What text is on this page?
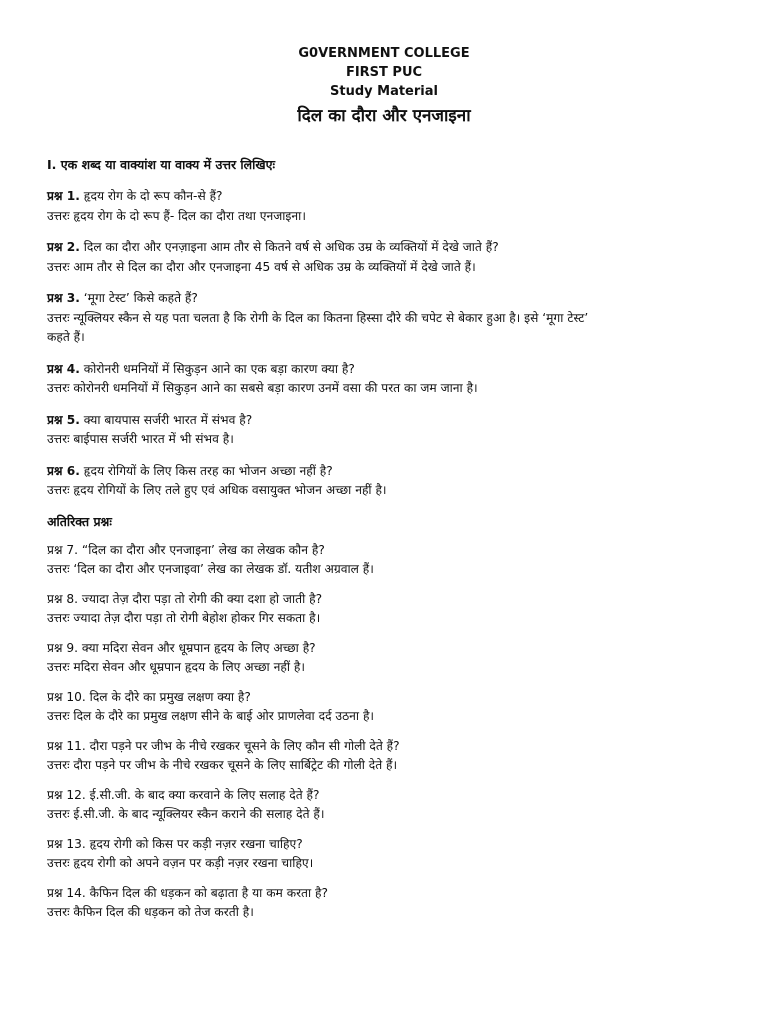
G0VERNMENT COLLEGE
FIRST PUC
Study Material
दिल का दौरा और एनजाइना
I. एक शब्द या वाक्यांश या वाक्य में उत्तर लिखिएः
प्रश्न 1. हृदय रोग के दो रूप कौन-से हैं?
उत्तरः हृदय रोग के दो रूप हैं- दिल का दौरा तथा एनजाइना।
प्रश्न 2. दिल का दौरा और एनज़ाइना आम तौर से कितने वर्ष से अधिक उम्र के व्यक्तियों में देखे जाते हैं?
उत्तरः आम तौर से दिल का दौरा और एनजाइना 45 वर्ष से अधिक उम्र के व्यक्तियों में देखे जाते हैं।
प्रश्न 3. ‘मूगा टेस्ट’ किसे कहते हैं?
उत्तरः न्यूक्लियर स्कैन से यह पता चलता है कि रोगी के दिल का कितना हिस्सा दौरे की चपेट से बेकार हुआ है। इसे ‘मूगा टेस्ट’
कहते हैं।
प्रश्न 4. कोरोनरी धमनियों में सिकुड़न आने का एक बड़ा कारण क्या है?
उत्तरः कोरोनरी धमनियों में सिकुड़न आने का सबसे बड़ा कारण उनमें वसा की परत का जम जाना है।
प्रश्न 5. क्या बायपास सर्जरी भारत में संभव है?
उत्तरः बाईपास सर्जरी भारत में भी संभव है।
प्रश्न 6. हृदय रोगियों के लिए किस तरह का भोजन अच्छा नहीं है?
उत्तरः हृदय रोगियों के लिए तले हुए एवं अधिक वसायुक्त भोजन अच्छा नहीं है।
अतिरिक्त प्रश्नः
प्रश्न 7. “दिल का दौरा और एनजाइना’ लेख का लेखक कौन है?
उत्तरः ‘दिल का दौरा और एनजाइवा’ लेख का लेखक डॉ. यतीश अग्रवाल हैं।
प्रश्न 8. ज्यादा तेज़ दौरा पड़ा तो रोगी की क्या दशा हो जाती है?
उत्तरः ज्यादा तेज़ दौरा पड़ा तो रोगी बेहोश होकर गिर सकता है।
प्रश्न 9. क्या मदिरा सेवन और धूम्रपान हृदय के लिए अच्छा है?
उत्तरः मदिरा सेवन और धूम्रपान हृदय के लिए अच्छा नहीं है।
प्रश्न 10. दिल के दौरे का प्रमुख लक्षण क्या है?
उत्तरः दिल के दौरे का प्रमुख लक्षण सीने के बाई ओर प्राणलेवा दर्द उठना है।
प्रश्न 11. दौरा पड़ने पर जीभ के नीचे रखकर चूसने के लिए कौन सी गोली देते हैं?
उत्तरः दौरा पड़ने पर जीभ के नीचे रखकर चूसने के लिए सार्बिट्रेट की गोली देते हैं।
प्रश्न 12. ई.सी.जी. के बाद क्या करवाने के लिए सलाह देते हैं?
उत्तरः ई.सी.जी. के बाद न्यूक्लियर स्कैन कराने की सलाह देते हैं।
प्रश्न 13. हृदय रोगी को किस पर कड़ी नज़र रखना चाहिए?
उत्तरः हृदय रोगी को अपने वज़न पर कड़ी नज़र रखना चाहिए।
प्रश्न 14. कैफिन दिल की धड़कन को बढ़ाता है या कम करता है?
उत्तरः कैफिन दिल की धड़कन को तेज करती है।
